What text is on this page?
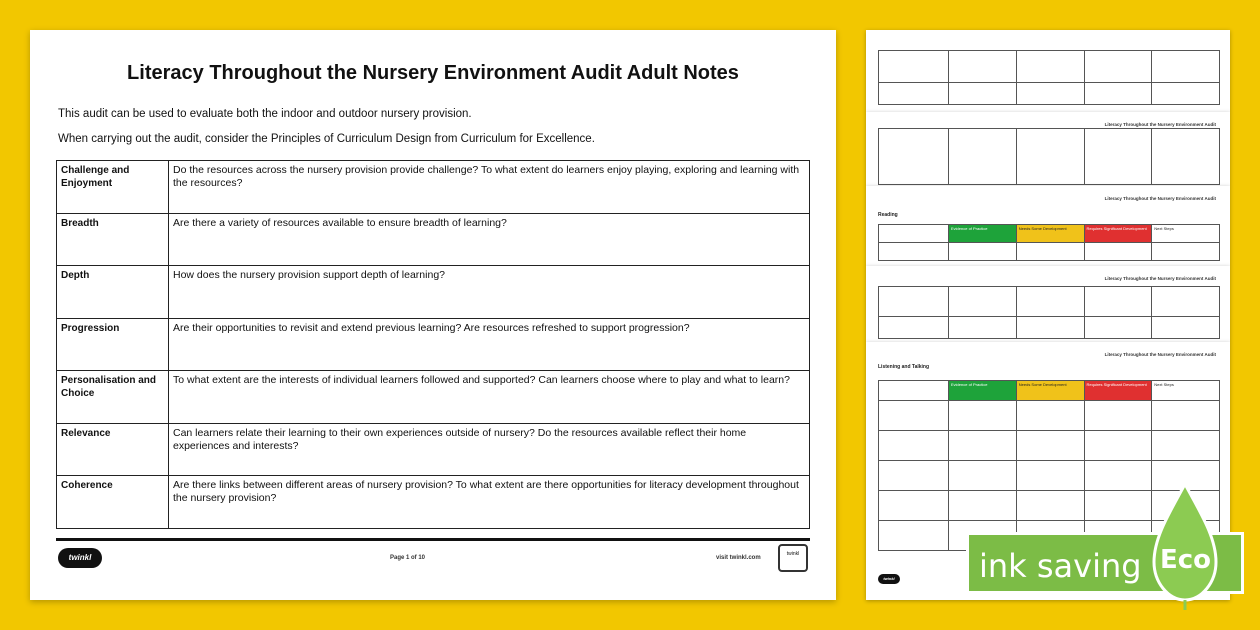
Literacy Throughout the Nursery Environment Audit Adult Notes
This audit can be used to evaluate both the indoor and outdoor nursery provision.
When carrying out the audit, consider the Principles of Curriculum Design from Curriculum for Excellence.
Challenge and Enjoyment	Do the resources across the nursery provision provide challenge? To what extent do learners enjoy playing, exploring and learning with the resources?
Breadth	Are there a variety of resources available to ensure breadth of learning?
Depth	How does the nursery provision support depth of learning?
Progression	Are their opportunities to revisit and extend previous learning? Are resources refreshed to support progression?
Personalisation and Choice	To what extent are the interests of individual learners followed and supported? Can learners choose where to play and what to learn?
Relevance	Can learners relate their learning to their own experiences outside of nursery? Do the resources available reflect their home experiences and interests?
Coherence	Are there links between different areas of nursery provision? To what extent are there opportunities for literacy development throughout the nursery provision?
twinkl	Page 1 of 10	visit twinkl.com
twinkl

Literacy Throughout the Nursery Environment Audit

Literacy Throughout the Nursery Environment Audit
Reading
	Evidence of Practice	Needs Some Development	Requires Significant Development	Next Steps

Literacy Throughout the Nursery Environment Audit

Literacy Throughout the Nursery Environment Audit
Listening and Talking
	Evidence of Practice	Needs Some Development	Requires Significant Development	Next Steps

twinkl	ink saving Eco
